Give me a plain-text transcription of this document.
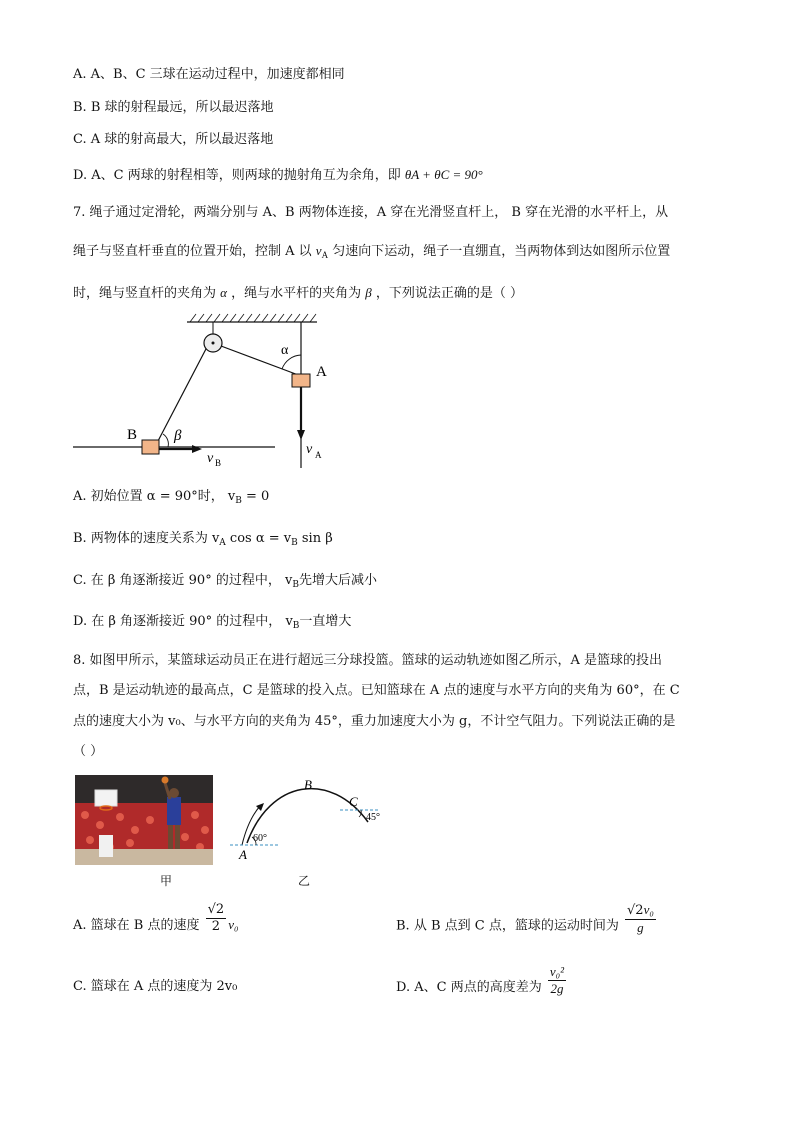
A. A、B、C 三球在运动过程中，加速度都相同
B. B 球的射程最远，所以最迟落地
C. A 球的射高最大，所以最迟落地
D. A、C 两球的射程相等，则两球的抛射角互为余角，即 θA + θC = 90°
7. 绳子通过定滑轮，两端分别与 A、B 两物体连接，A 穿在光滑竖直杆上， B 穿在光滑的水平杆上，从
绳子与竖直杆垂直的位置开始，控制 A 以 $v_A$ 匀速向下运动，绳子一直绷直，当两物体到达如图所示位置
时，绳与竖直杆的夹角为 α ，绳与水平杆的夹角为 β ，下列说法正确的是（ ）
α
A
B β
v B
v A
A. 初始位置 α = 90°时， $v_B = 0$
B. 两物体的速度关系为 $v_A$ $\cos \alpha = v_B$ sin β
C. 在 β 角逐渐接近 90° 的过程中， $v_B$先增大后减小
D. 在 β 角逐渐接近 90° 的过程中， $v_B$一直增大
8. 如图甲所示，某篮球运动员正在进行超远三分球投篮。篮球的运动轨迹如图乙所示，A 是篮球的投出
点，B 是运动轨迹的最高点，C 是篮球的投入点。已知篮球在 A 点的速度与水平方向的夹角为 60°，在 C
点的速度大小为 v₀、与水平方向的夹角为 45°，重力加速度大小为 g，不计空气阻力。下列说法正确的是
（ ）
甲
B
C
A
60°
45°
乙
A. 篮球在 B 点的速度 $\frac{√2}{2} v_0$	B. 从 B 点到 C 点，篮球的运动时间为 $\frac{\text{√2v₀}}{g}$
C. 篮球在 A 点的速度为 2v₀	D. A、C 两点的高度差为 $\frac{\text{v₀²}}{2g}$
